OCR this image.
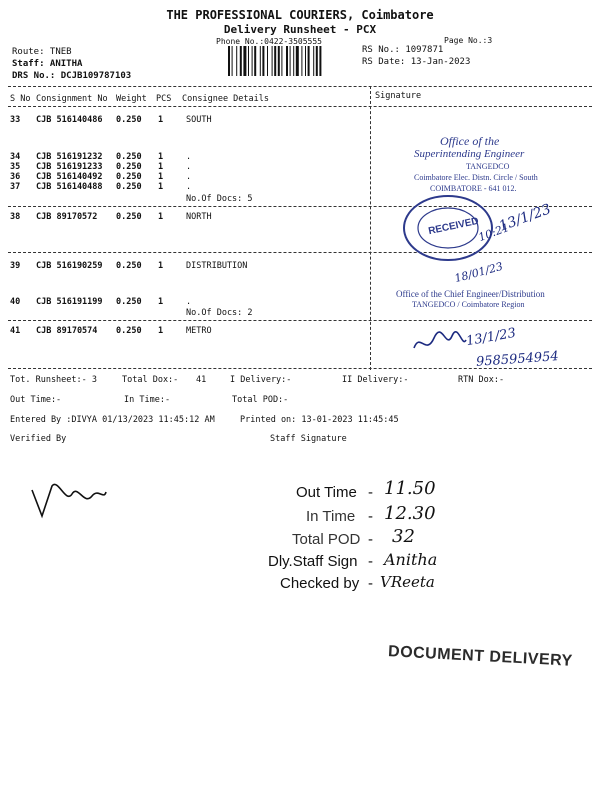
THE PROFESSIONAL COURIERS, Coimbatore
Delivery Runsheet - PCX
Phone No.:0422-3505555	Page No.:3
Route: TNEB
Staff: ANITHA
DRS No.: DCJB109787103
RS No.: 1097871
RS Date: 13-Jan-2023
S No Consignment No Weight PCS Consignee Details	Signature
33 CJB 516140486 0.250 1	SOUTH
34 CJB 516191232 0.250 1	.
35 CJB 516191233 0.250 1	.
36 CJB 516140492 0.250 1	.
37 CJB 516140488 0.250 1	.
No.Of Docs: 5
38 CJB 89170572 0.250 1	NORTH
39 CJB 516190259 0.250 1	DISTRIBUTION
40 CJB 516191199 0.250 1	.
No.Of Docs: 2
41 CJB 89170574 0.250 1	METRO
Tot. Runsheet:- 3	Total Dox:- 41	I Delivery:-	II Delivery:-	RTN Dox:-
Out Time:-	In Time:-	Total POD:-
Entered By :DIVYA 01/13/2023 11:45:12 AM	Printed on: 13-01-2023 11:45:45
Verified By	Staff Signature
Office of the
Superintending Engineer
TANGEDCO
Coimbatore Elec. Distn. Circle / South
COIMBATORE - 641 012.
RECEIVED 13/1/23
10:21
18/01/23
Office of the Chief Engineer/Distribution
TANGEDCO / Coimbatore Region
13/1/23
9585954954
Out Time - 11.50
In Time - 12.30
Total POD - 32
Dly.Staff Sign - Anitha
Checked by - VReeta
DOCUMENT DELIVERY
